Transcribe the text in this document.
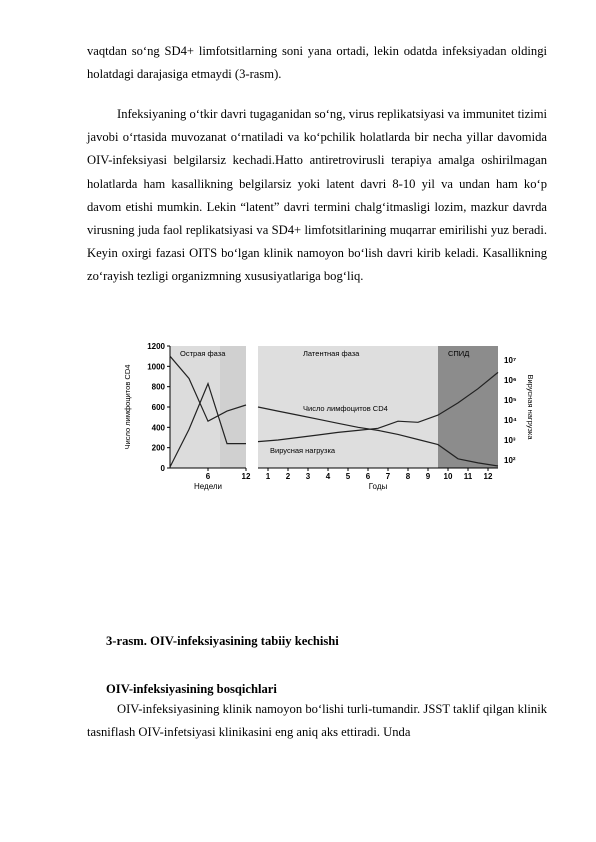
vaqtdan so‘ng SD4+ limfotsitlarning soni yana ortadi, lekin odatda infeksiyadan oldingi holatdagi darajasiga etmaydi (3-rasm).

Infeksiyaning o‘tkir davri tugaganidan so‘ng, virus replikatsiyasi va immunitet tizimi javobi o‘rtasida muvozanat o‘rnatiladi va ko‘pchilik holatlarda bir necha yillar davomida OIV-infeksiyasi belgilarsiz kechadi.Hatto antiretrovirusli terapiya amalga oshirilmagan holatlarda ham kasallikning belgilarsiz yoki latent davri 8-10 yil va undan ham ko‘p davom etishi mumkin. Lekin “latent” davri termini chalg‘itmasligi lozim, mazkur davrda virusning juda faol replikatsiyasi va SD4+ limfotsitlarining muqarrar emirilishi yuz beradi. Keyin oxirgi fazasi OITS bo‘lgan klinik namoyon bo‘lish davri kirib keladi. Kasallikning zo‘rayish tezligi organizmning xususiyatlariga bog‘liq.

0
200
400
600
800
1000
1200
Число лимфоцитов CD4
10²
10³
10⁴
10⁵
10⁶
10⁷
Вирусная нагрузка
6	12
Недели
1 2 3 4 5 6 7 8 9 10 11 12
Годы
Острая фаза	Латентная фаза	СПИД
Число лимфоцитов CD4
Вирусная нагрузка

3-rasm. OIV-infeksiyasining tabiiy kechishi

OIV-infeksiyasining bosqichlari

OIV-infeksiyasining klinik namoyon bo‘lishi turli-tumandir. JSST taklif qilgan klinik tasniflash OIV-infetsiyasi klinikasini eng aniq aks ettiradi. Unda
